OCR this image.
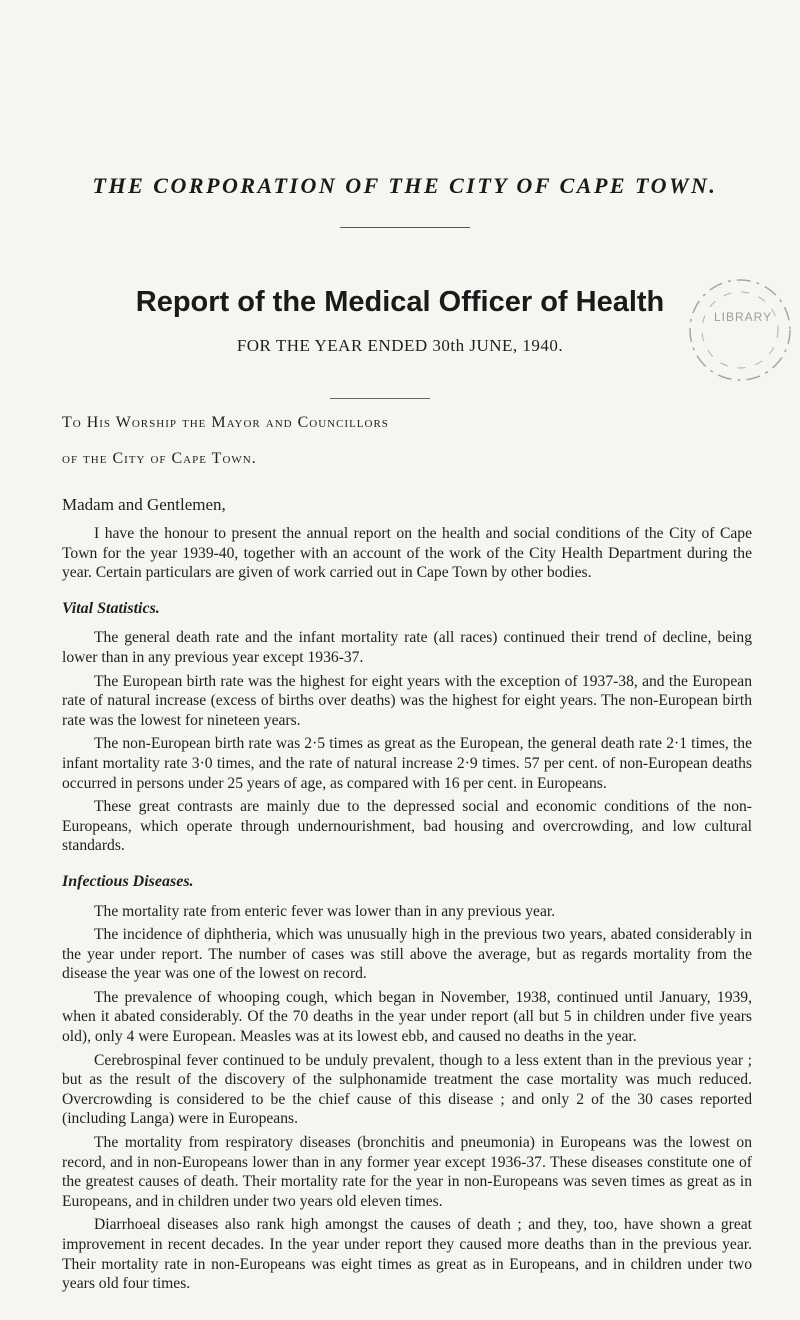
THE CORPORATION OF THE CITY OF CAPE TOWN.
Report of the Medical Officer of Health
FOR THE YEAR ENDED 30th JUNE, 1940.
LIBRARY
To His Worship the Mayor and Councillors
of the City of Cape Town.
Madam and Gentlemen,

I have the honour to present the annual report on the health and social conditions of the City of Cape Town for the year 1939-40, together with an account of the work of the City Health Department during the year. Certain particulars are given of work carried out in Cape Town by other bodies.

Vital Statistics.

The general death rate and the infant mortality rate (all races) continued their trend of decline, being lower than in any previous year except 1936-37.

The European birth rate was the highest for eight years with the exception of 1937-38, and the European rate of natural increase (excess of births over deaths) was the highest for eight years. The non-European birth rate was the lowest for nineteen years.

The non-European birth rate was 2·5 times as great as the European, the general death rate 2·1 times, the infant mortality rate 3·0 times, and the rate of natural increase 2·9 times. 57 per cent. of non-European deaths occurred in persons under 25 years of age, as compared with 16 per cent. in Europeans.

These great contrasts are mainly due to the depressed social and economic conditions of the non-Europeans, which operate through undernourishment, bad housing and overcrowding, and low cultural standards.

Infectious Diseases.

The mortality rate from enteric fever was lower than in any previous year.

The incidence of diphtheria, which was unusually high in the previous two years, abated considerably in the year under report. The number of cases was still above the average, but as regards mortality from the disease the year was one of the lowest on record.

The prevalence of whooping cough, which began in November, 1938, continued until January, 1939, when it abated considerably. Of the 70 deaths in the year under report (all but 5 in children under five years old), only 4 were European. Measles was at its lowest ebb, and caused no deaths in the year.

Cerebrospinal fever continued to be unduly prevalent, though to a less extent than in the previous year ; but as the result of the discovery of the sulphonamide treatment the case mortality was much reduced. Overcrowding is considered to be the chief cause of this disease ; and only 2 of the 30 cases reported (including Langa) were in Europeans.

The mortality from respiratory diseases (bronchitis and pneumonia) in Europeans was the lowest on record, and in non-Europeans lower than in any former year except 1936-37. These diseases constitute one of the greatest causes of death. Their mortality rate for the year in non-Europeans was seven times as great as in Europeans, and in children under two years old eleven times.

Diarrhoeal diseases also rank high amongst the causes of death ; and they, too, have shown a great improvement in recent decades. In the year under report they caused more deaths than in the previous year. Their mortality rate in non-Europeans was eight times as great as in Europeans, and in children under two years old four times.
